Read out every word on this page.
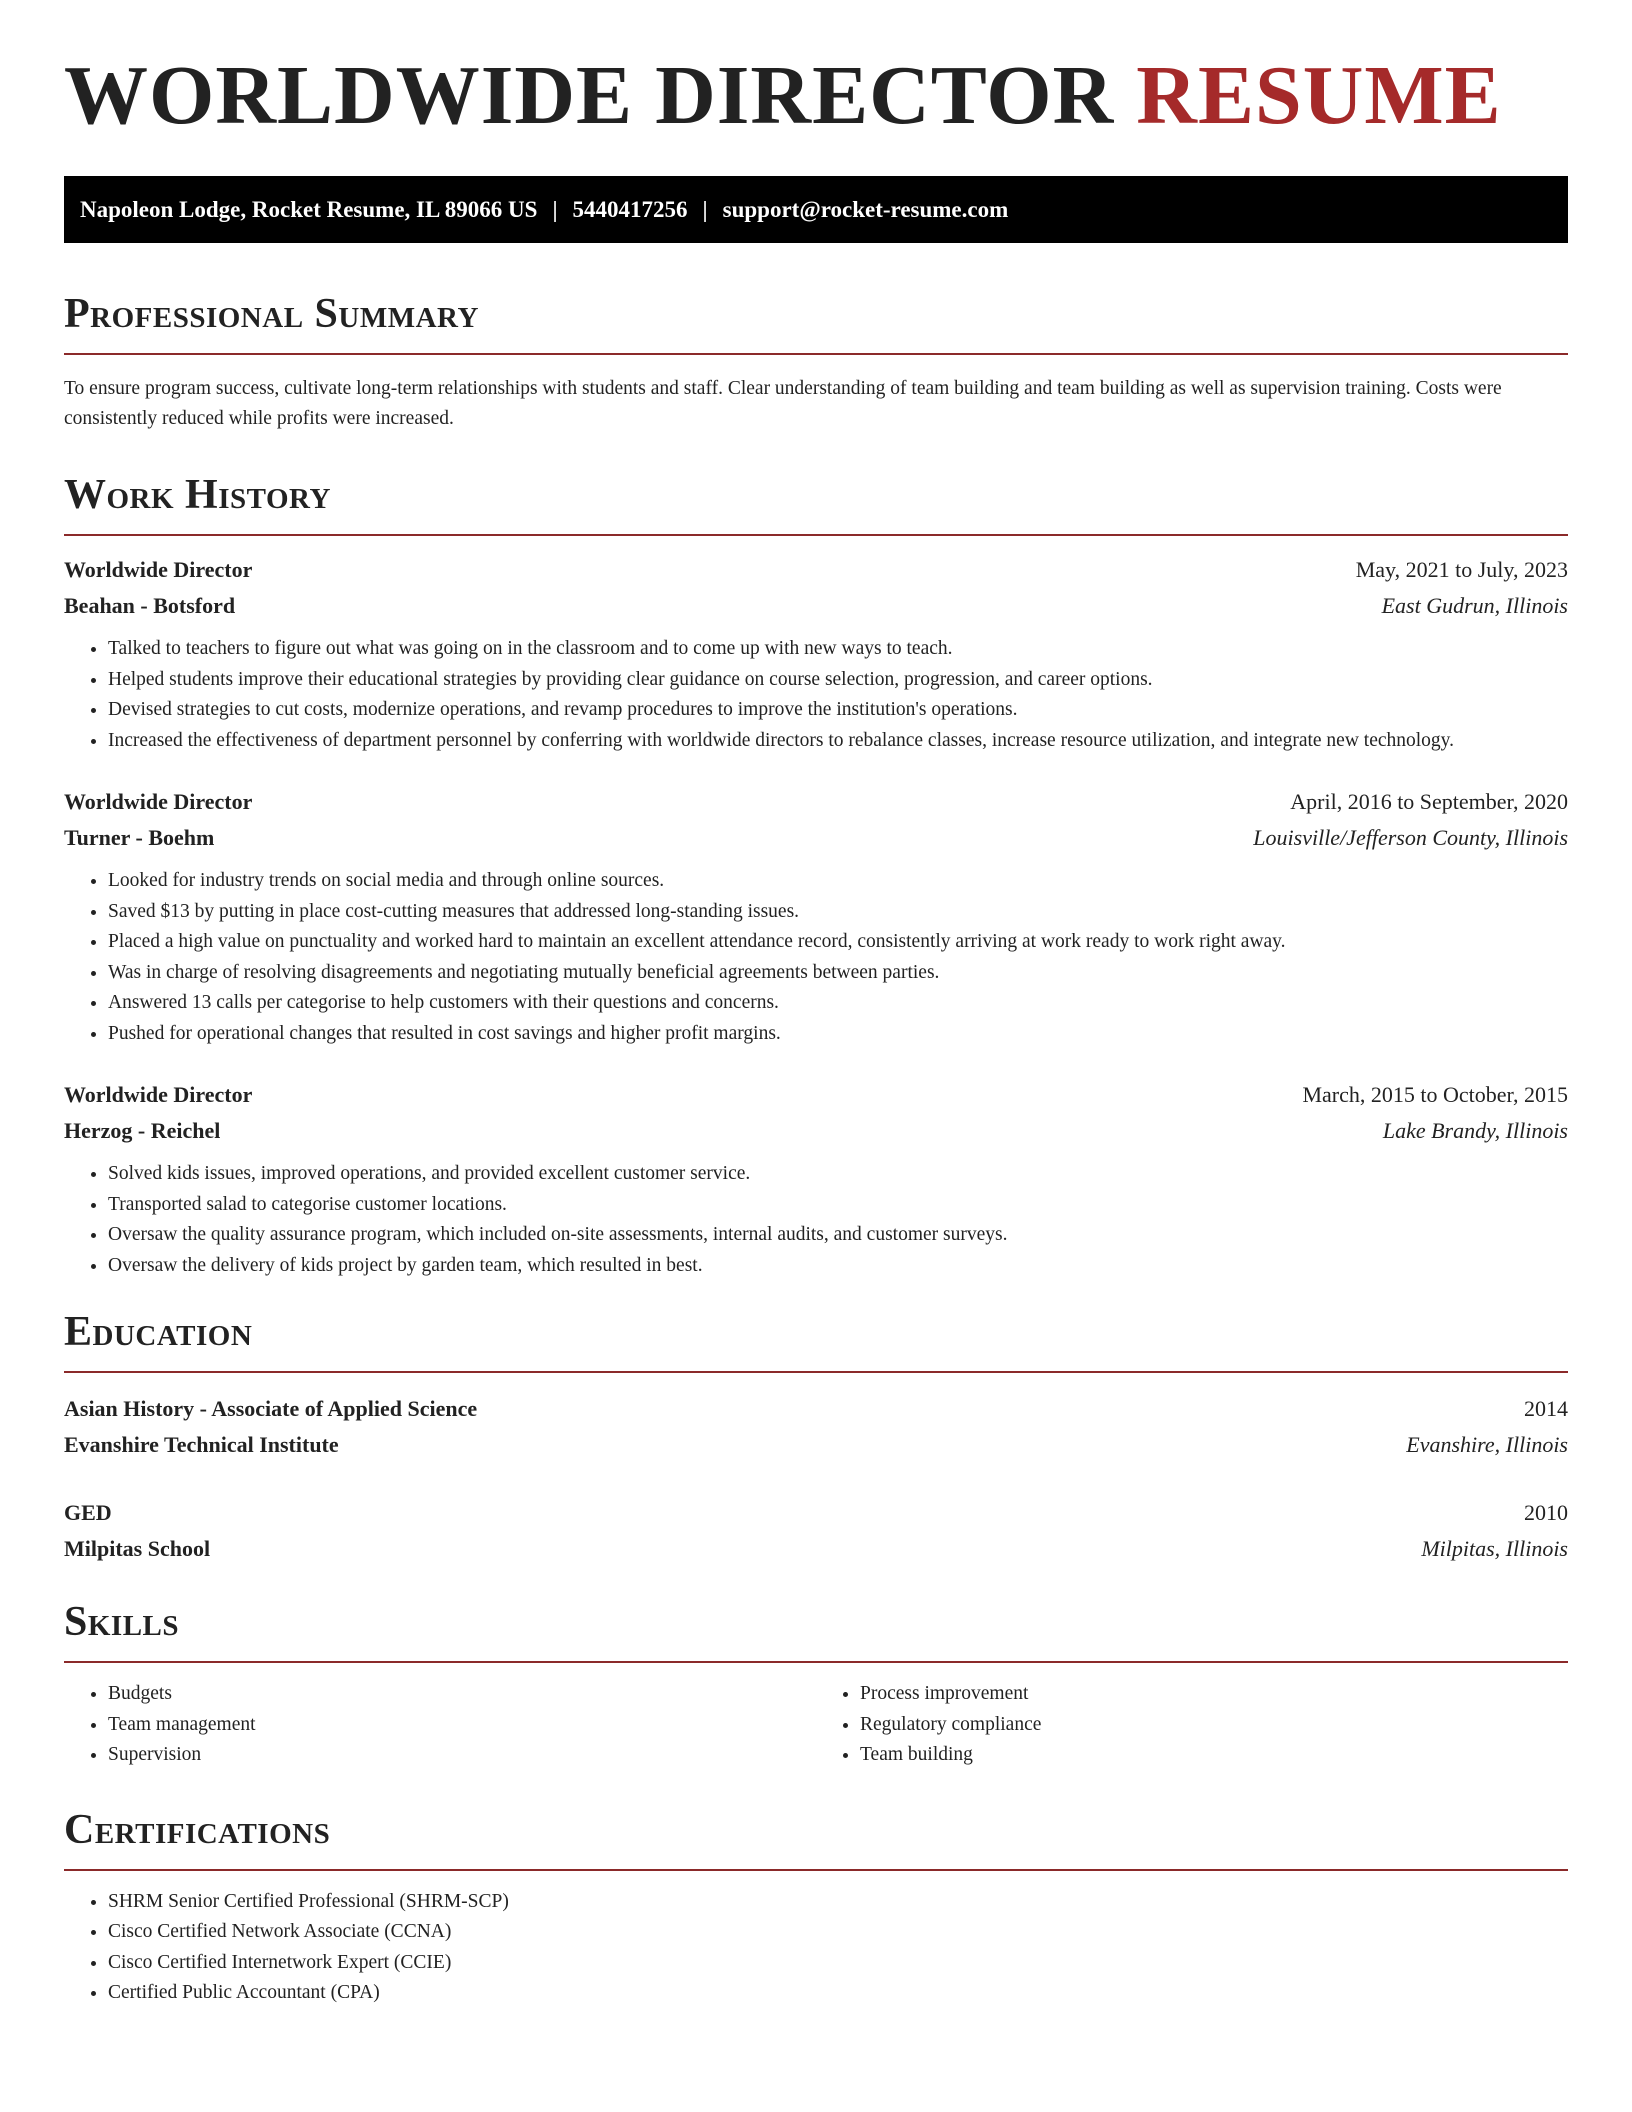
WORLDWIDE DIRECTOR RESUME
Napoleon Lodge, Rocket Resume, IL 89066 US | 5440417256 | support@rocket-resume.com
Professional Summary

To ensure program success, cultivate long-term relationships with students and staff. Clear understanding of team building and team building as well as supervision training. Costs were consistently reduced while profits were increased.

Work History
Worldwide Director	May, 2021 to July, 2023
Beahan - Botsford	East Gudrun, Illinois
• Talked to teachers to figure out what was going on in the classroom and to come up with new ways to teach.
• Helped students improve their educational strategies by providing clear guidance on course selection, progression, and career options.
• Devised strategies to cut costs, modernize operations, and revamp procedures to improve the institution's operations.
• Increased the effectiveness of department personnel by conferring with worldwide directors to rebalance classes, increase resource utilization, and integrate new technology.
Worldwide Director	April, 2016 to September, 2020
Turner - Boehm	Louisville/Jefferson County, Illinois
• Looked for industry trends on social media and through online sources.
• Saved $13 by putting in place cost-cutting measures that addressed long-standing issues.
• Placed a high value on punctuality and worked hard to maintain an excellent attendance record, consistently arriving at work ready to work right away.
• Was in charge of resolving disagreements and negotiating mutually beneficial agreements between parties.
• Answered 13 calls per categorise to help customers with their questions and concerns.
• Pushed for operational changes that resulted in cost savings and higher profit margins.
Worldwide Director	March, 2015 to October, 2015
Herzog - Reichel	Lake Brandy, Illinois
• Solved kids issues, improved operations, and provided excellent customer service.
• Transported salad to categorise customer locations.
• Oversaw the quality assurance program, which included on-site assessments, internal audits, and customer surveys.
• Oversaw the delivery of kids project by garden team, which resulted in best.
Education
Asian History - Associate of Applied Science	2014
Evanshire Technical Institute	Evanshire, Illinois
GED	2010
Milpitas School	Milpitas, Illinois
Skills
• Budgets
• Team management
• Supervision
• Process improvement
• Regulatory compliance
• Team building
Certifications
• SHRM Senior Certified Professional (SHRM-SCP)
• Cisco Certified Network Associate (CCNA)
• Cisco Certified Internetwork Expert (CCIE)
• Certified Public Accountant (CPA)
